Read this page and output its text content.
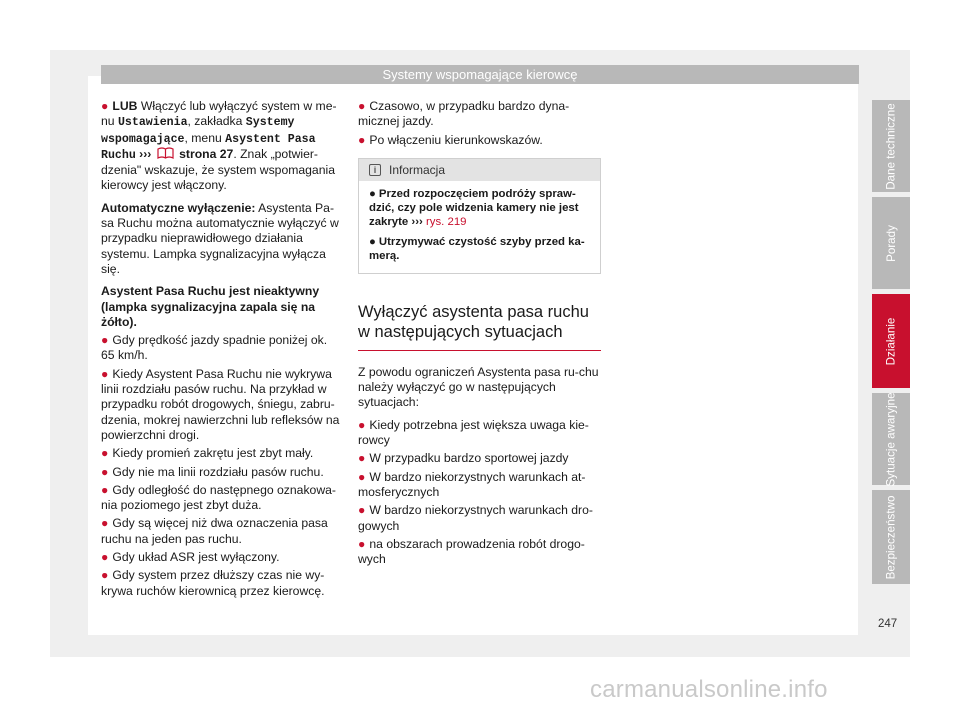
Systemy wspomagające kierowcę

● LUB Włączyć lub wyłączyć system w me-nu Ustawienia, zakładka Systemy wspomagające, menu Asystent Pasa Ruchu ›››  strona 27. Znak „potwier-dzenia" wskazuje, że system wspomagania kierowcy jest włączony.

Automatyczne wyłączenie: Asystenta Pa-sa Ruchu można automatycznie wyłączyć w przypadku nieprawidłowego działania systemu. Lampka sygnalizacyjna wyłącza się.

Asystent Pasa Ruchu jest nieaktywny (lampka sygnalizacyjna zapala się na żółto).

● Gdy prędkość jazdy spadnie poniżej ok. 65 km/h.

● Kiedy Asystent Pasa Ruchu nie wykrywa linii rozdziału pasów ruchu. Na przykład w przypadku robót drogowych, śniegu, zabru-dzenia, mokrej nawierzchni lub refleksów na powierzchni drogi.

● Kiedy promień zakrętu jest zbyt mały.

● Gdy nie ma linii rozdziału pasów ruchu.

● Gdy odległość do następnego oznakowa-nia poziomego jest zbyt duża.

● Gdy są więcej niż dwa oznaczenia pasa ruchu na jeden pas ruchu.

● Gdy układ ASR jest wyłączony.

● Gdy system przez dłuższy czas nie wy-krywa ruchów kierownicą przez kierowcę.

● Czasowo, w przypadku bardzo dyna-micznej jazdy.

● Po włączeniu kierunkowskazów.

i	Informacja

● Przed rozpoczęciem podróży spraw-dzić, czy pole widzenia kamery nie jest zakryte ››› rys. 219

● Utrzymywać czystość szyby przed ka-merą.

Wyłączyć asystenta pasa ruchu w następujących sytuacjach

Z powodu ograniczeń Asystenta pasa ru-chu należy wyłączyć go w następujących sytuacjach:

● Kiedy potrzebna jest większa uwaga kie-rowcy

● W przypadku bardzo sportowej jazdy

● W bardzo niekorzystnych warunkach at-mosferycznych

● W bardzo niekorzystnych warunkach dro-gowych

● na obszarach prowadzenia robót drogo-wych

Dane techniczne
Porady
Działanie
Sytuacje awaryjne
Bezpieczeństwo
247
carmanualsonline.info
